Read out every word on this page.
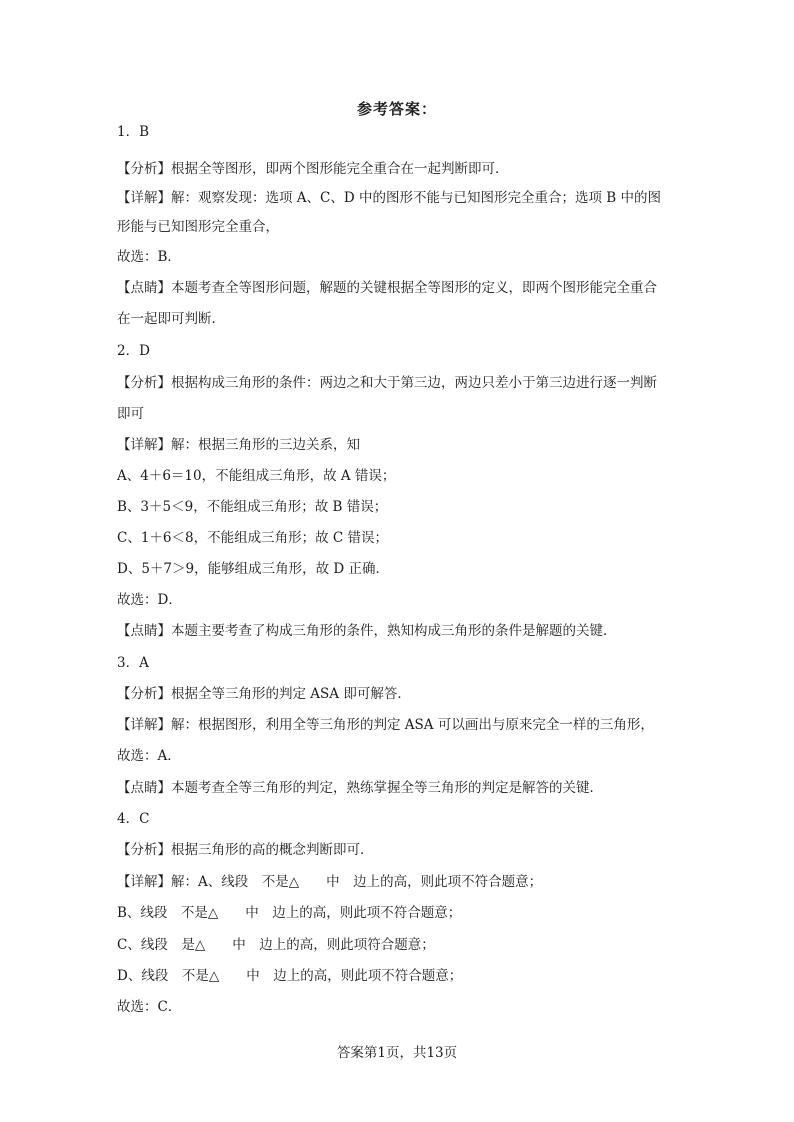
参考答案：
1．B
【分析】根据全等图形，即两个图形能完全重合在一起判断即可．
【详解】解：观察发现：选项 A、C、D 中的图形不能与已知图形完全重合；选项 B 中的图
形能与已知图形完全重合，
故选：B．
【点睛】本题考查全等图形问题，解题的关键根据全等图形的定义，即两个图形能完全重合
在一起即可判断．
2．D
【分析】根据构成三角形的条件：两边之和大于第三边，两边只差小于第三边进行逐一判断
即可
【详解】解：根据三角形的三边关系，知
A、4＋6＝10，不能组成三角形，故 A 错误；
B、3＋5＜9，不能组成三角形；故 B 错误；
C、1＋6＜8，不能组成三角形；故 C 错误；
D、5＋7＞9，能够组成三角形，故 D 正确．
故选：D．
【点睛】本题主要考查了构成三角形的条件，熟知构成三角形的条件是解题的关键．
3．A
【分析】根据全等三角形的判定 ASA 即可解答．
【详解】解：根据图形，利用全等三角形的判定 ASA 可以画出与原来完全一样的三角形，
故选：A．
【点睛】本题考查全等三角形的判定，熟练掌握全等三角形的判定是解答的关键．
4．C
【分析】根据三角形的高的概念判断即可．
【详解】解：A、线段　不是△　　中　边上的高，则此项不符合题意；
B、线段　不是△　　中　边上的高，则此项不符合题意；
C、线段　是△　　中　边上的高，则此项符合题意；
D、线段　不是△　　中　边上的高，则此项不符合题意；
故选：C．
答案第1页，共13页
